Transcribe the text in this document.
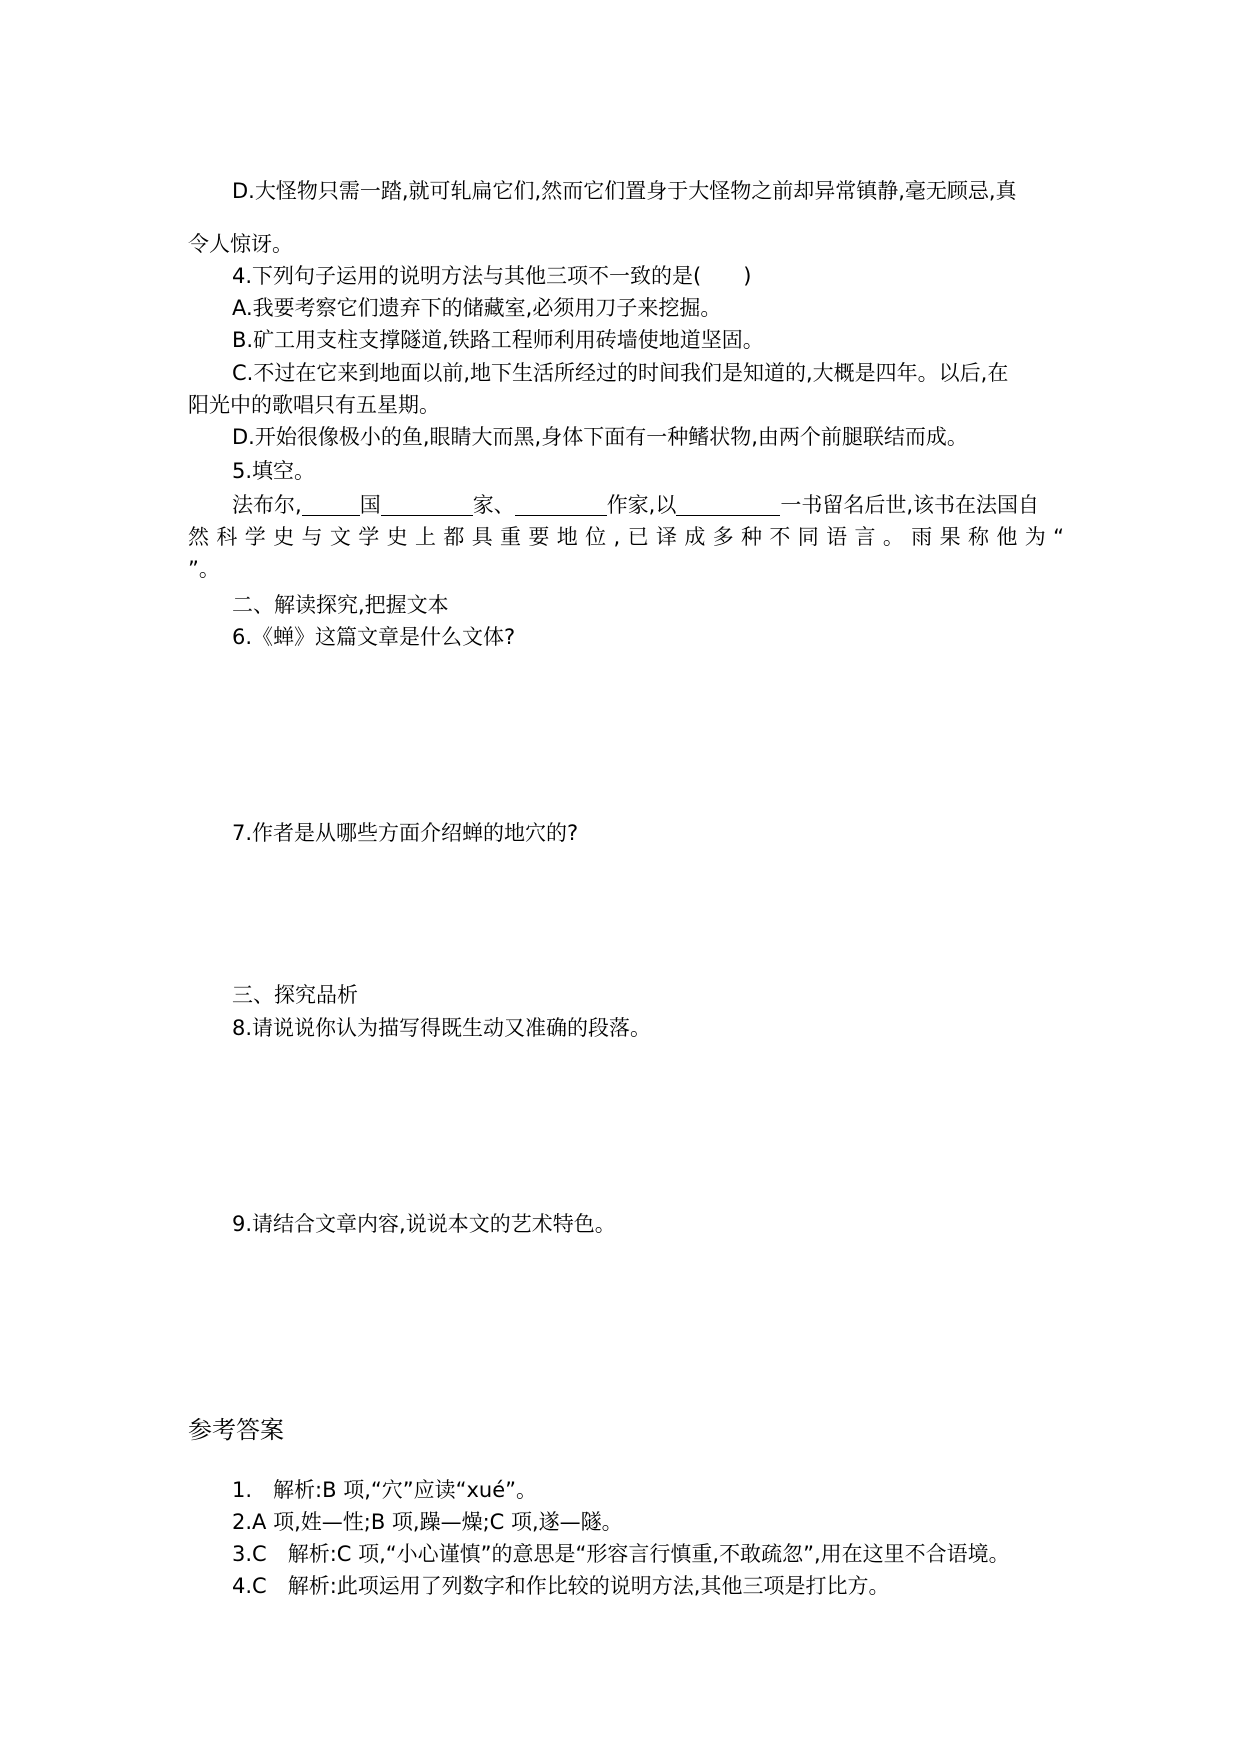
D.大怪物只需一踏,就可轧扁它们,然而它们置身于大怪物之前却异常镇静,毫无顾忌,真
令人惊讶。
4.下列句子运用的说明方法与其他三项不一致的是(　　)
A.我要考察它们遗弃下的储藏室,必须用刀子来挖掘。
B.矿工用支柱支撑隧道,铁路工程师利用砖墙使地道坚固。
C.不过在它来到地面以前,地下生活所经过的时间我们是知道的,大概是四年。以后,在
阳光中的歌唱只有五星期。
D.开始很像极小的鱼,眼睛大而黑,身体下面有一种鳍状物,由两个前腿联结而成。
5.填空。
法布尔,	国	家、	作家,以	一书留名后世,该书在法国自
然科学史与文学史上都具重要地位,已译成多种不同语言。雨果称他为“
”。
二、解读探究,把握文本
6.《蝉》这篇文章是什么文体?
7.作者是从哪些方面介绍蝉的地穴的?
三、探究品析
8.请说说你认为描写得既生动又准确的段落。
9.请结合文章内容,说说本文的艺术特色。
参考答案
1.　解析:B 项,“穴”应读“xué”。
2.A 项,姓—性;B 项,躁—燥;C 项,遂—隧。
3.C　解析:C 项,“小心谨慎”的意思是“形容言行慎重,不敢疏忽”,用在这里不合语境。
4.C　解析:此项运用了列数字和作比较的说明方法,其他三项是打比方。
